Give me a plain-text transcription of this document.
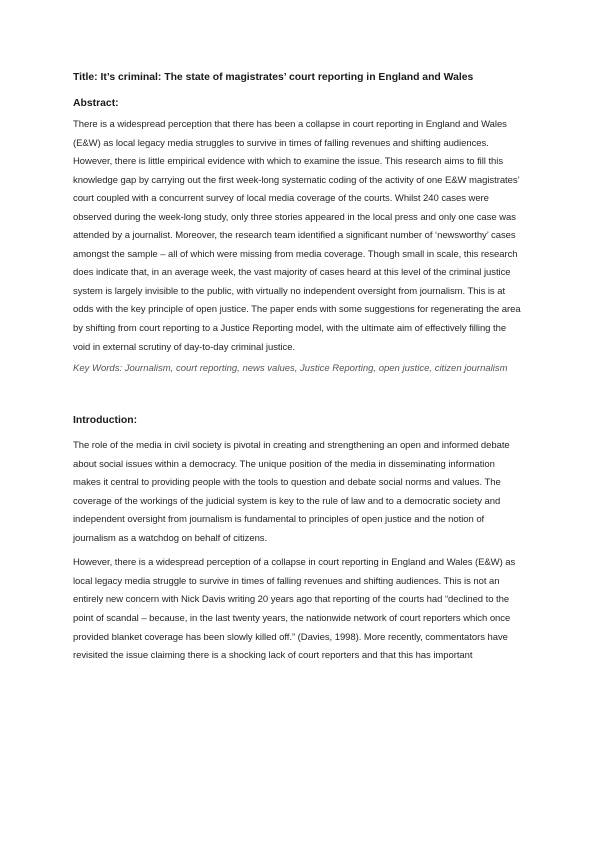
Title: It’s criminal: The state of magistrates’ court reporting in England and Wales

Abstract:

There is a widespread perception that there has been a collapse in court reporting in England and Wales (E&W) as local legacy media struggles to survive in times of falling revenues and shifting audiences. However, there is little empirical evidence with which to examine the issue. This research aims to fill this knowledge gap by carrying out the first week-long systematic coding of the activity of one E&W magistrates’ court coupled with a concurrent survey of local media coverage of the courts. Whilst 240 cases were observed during the week-long study, only three stories appeared in the local press and only one case was attended by a journalist. Moreover, the research team identified a significant number of ‘newsworthy’ cases amongst the sample – all of which were missing from media coverage. Though small in scale, this research does indicate that, in an average week, the vast majority of cases heard at this level of the criminal justice system is largely invisible to the public, with virtually no independent oversight from journalism. This is at odds with the key principle of open justice. The paper ends with some suggestions for regenerating the area by shifting from court reporting to a Justice Reporting model, with the ultimate aim of effectively filling the void in external scrutiny of day-to-day criminal justice.

Key Words: Journalism, court reporting, news values, Justice Reporting, open justice, citizen journalism

Introduction:

The role of the media in civil society is pivotal in creating and strengthening an open and informed debate about social issues within a democracy. The unique position of the media in disseminating information makes it central to providing people with the tools to question and debate social norms and values. The coverage of the workings of the judicial system is key to the rule of law and to a democratic society and independent oversight from journalism is fundamental to principles of open justice and the notion of journalism as a watchdog on behalf of citizens.

However, there is a widespread perception of a collapse in court reporting in England and Wales (E&W) as local legacy media struggle to survive in times of falling revenues and shifting audiences. This is not an entirely new concern with Nick Davis writing 20 years ago that reporting of the courts had “declined to the point of scandal – because, in the last twenty years, the nationwide network of court reporters which once provided blanket coverage has been slowly killed off.” (Davies, 1998). More recently, commentators have revisited the issue claiming there is a shocking lack of court reporters and that this has important
